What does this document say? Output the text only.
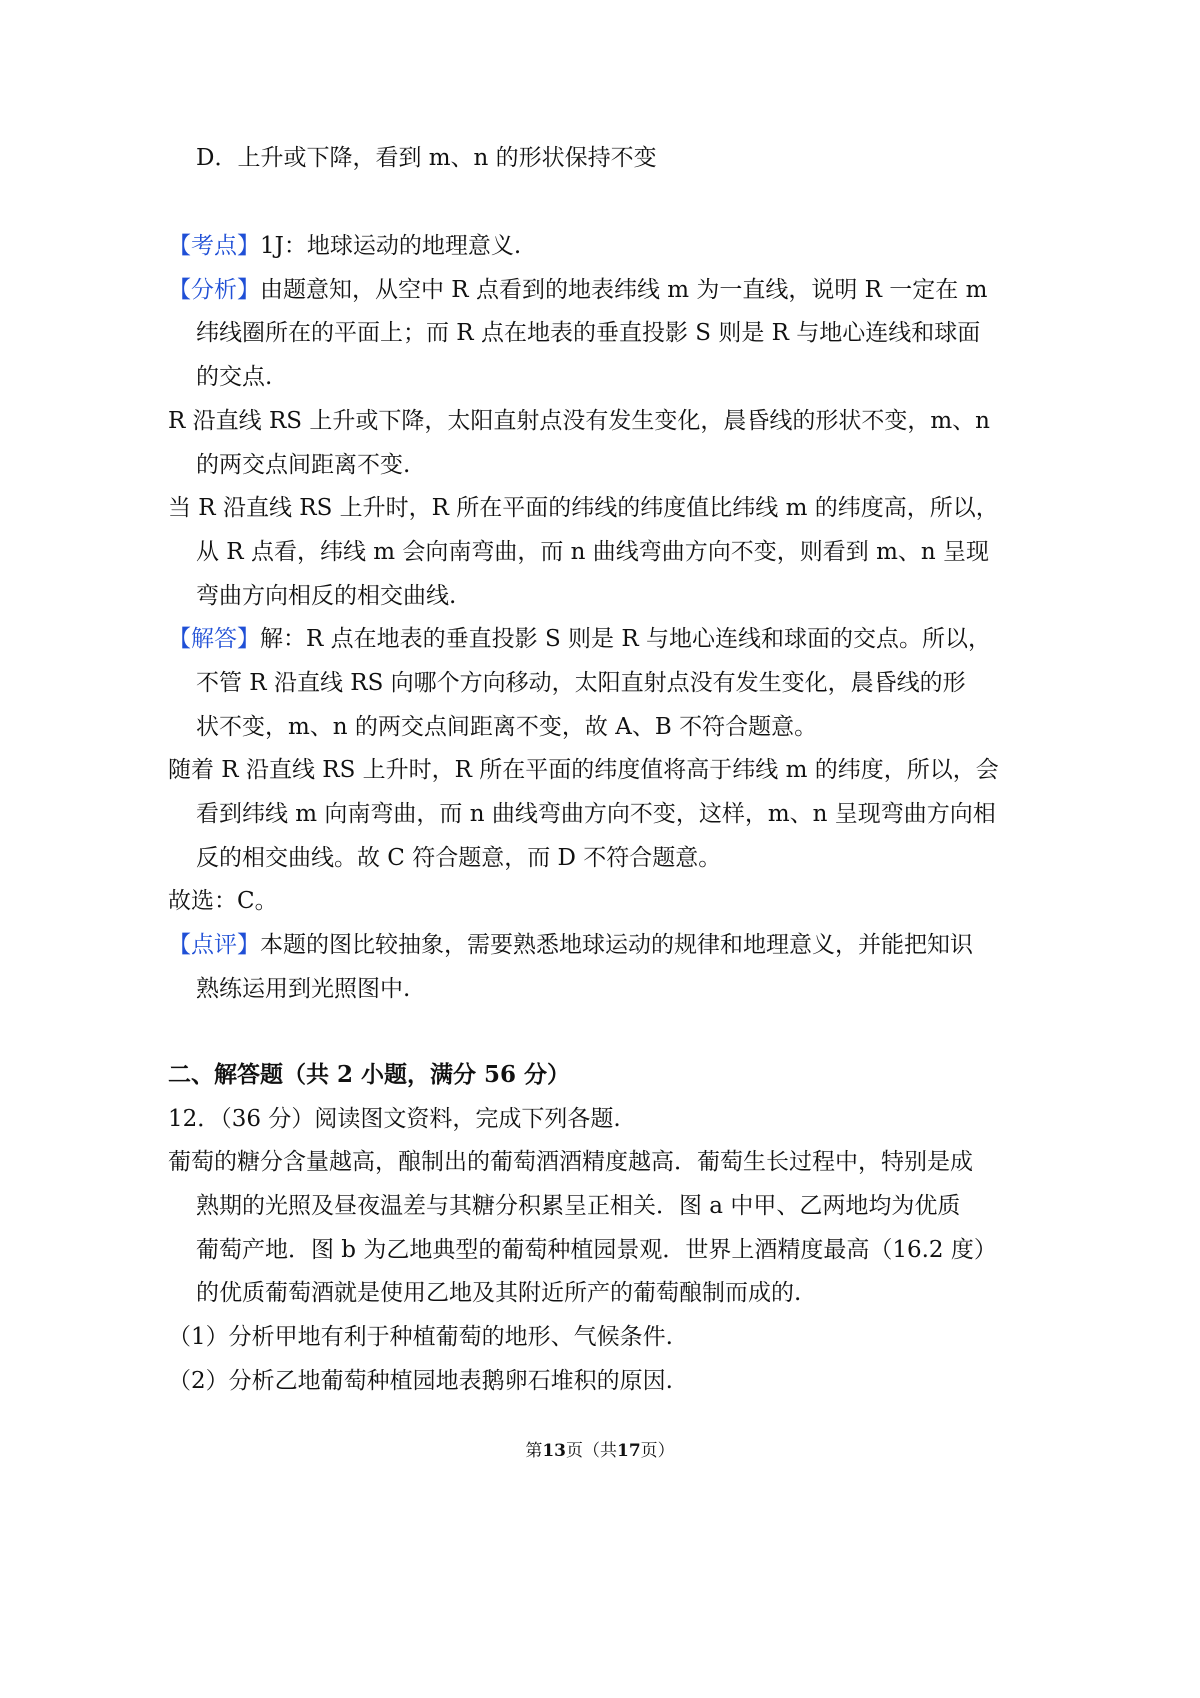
D．上升或下降，看到 m、n 的形状保持不变
【考点】1J：地球运动的地理意义.
【分析】由题意知，从空中 R 点看到的地表纬线 m 为一直线，说明 R 一定在 m
纬线圈所在的平面上；而 R 点在地表的垂直投影 S 则是 R 与地心连线和球面
的交点.
R 沿直线 RS 上升或下降，太阳直射点没有发生变化，晨昏线的形状不变，m、n
的两交点间距离不变.
当 R 沿直线 RS 上升时，R 所在平面的纬线的纬度值比纬线 m 的纬度高，所以，
从 R 点看，纬线 m 会向南弯曲，而 n 曲线弯曲方向不变，则看到 m、n 呈现
弯曲方向相反的相交曲线.
【解答】解：R 点在地表的垂直投影 S 则是 R 与地心连线和球面的交点。所以，
不管 R 沿直线 RS 向哪个方向移动，太阳直射点没有发生变化，晨昏线的形
状不变，m、n 的两交点间距离不变，故 A、B 不符合题意。
随着 R 沿直线 RS 上升时，R 所在平面的纬度值将高于纬线 m 的纬度，所以，会
看到纬线 m 向南弯曲，而 n 曲线弯曲方向不变，这样，m、n 呈现弯曲方向相
反的相交曲线。故 C 符合题意，而 D 不符合题意。
故选：C。
【点评】本题的图比较抽象，需要熟悉地球运动的规律和地理意义，并能把知识
熟练运用到光照图中.
二、解答题（共 2 小题，满分 56 分）
12．（36 分）阅读图文资料，完成下列各题.
葡萄的糖分含量越高，酿制出的葡萄酒酒精度越高．葡萄生长过程中，特别是成
熟期的光照及昼夜温差与其糖分积累呈正相关．图 a 中甲、乙两地均为优质
葡萄产地．图 b 为乙地典型的葡萄种植园景观．世界上酒精度最高（16.2 度）
的优质葡萄酒就是使用乙地及其附近所产的葡萄酿制而成的.
（1）分析甲地有利于种植葡萄的地形、气候条件.
（2）分析乙地葡萄种植园地表鹅卵石堆积的原因.
第13页（共17页）
